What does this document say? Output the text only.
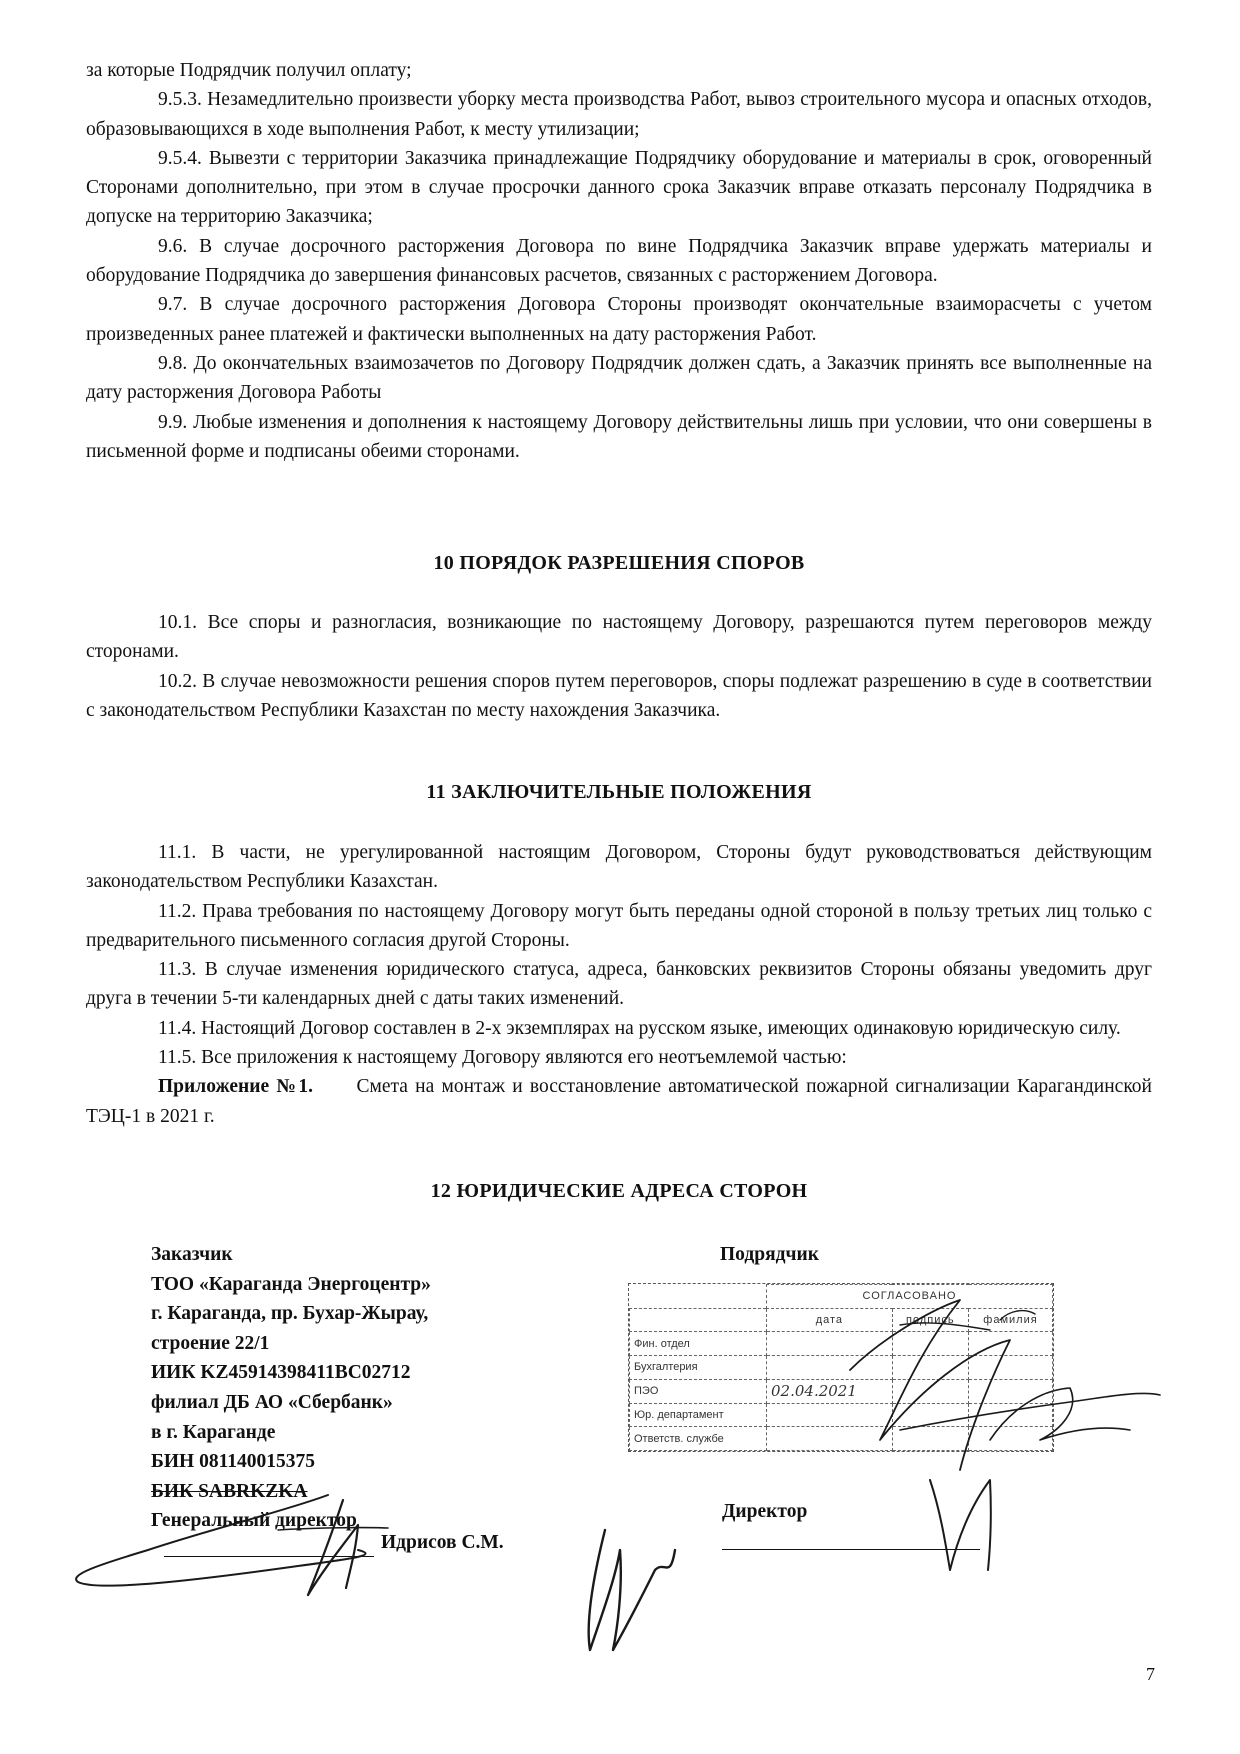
за которые Подрядчик получил оплату;

9.5.3. Незамедлительно произвести уборку места производства Работ, вывоз строительного мусора и опасных отходов, образовывающихся в ходе выполнения Работ, к месту утилизации;

9.5.4. Вывезти с территории Заказчика принадлежащие Подрядчику оборудование и материалы в срок, оговоренный Сторонами дополнительно, при этом в случае просрочки данного срока Заказчик вправе отказать персоналу Подрядчика в допуске на территорию Заказчика;

9.6. В случае досрочного расторжения Договора по вине Подрядчика Заказчик вправе удержать материалы и оборудование Подрядчика до завершения финансовых расчетов, связанных с расторжением Договора.

9.7. В случае досрочного расторжения Договора Стороны производят окончательные взаиморасчеты с учетом произведенных ранее платежей и фактически выполненных на дату расторжения Работ.

9.8. До окончательных взаимозачетов по Договору Подрядчик должен сдать, а Заказчик принять все выполненные на дату расторжения Договора Работы

9.9. Любые изменения и дополнения к настоящему Договору действительны лишь при условии, что они совершены в письменной форме и подписаны обеими сторонами.

10 ПОРЯДОК РАЗРЕШЕНИЯ СПОРОВ

10.1. Все споры и разногласия, возникающие по настоящему Договору, разрешаются путем переговоров между сторонами.

10.2. В случае невозможности решения споров путем переговоров, споры подлежат разрешению в суде в соответствии с законодательством Республики Казахстан по месту нахождения Заказчика.

11 ЗАКЛЮЧИТЕЛЬНЫЕ ПОЛОЖЕНИЯ

11.1. В части, не урегулированной настоящим Договором, Стороны будут руководствоваться действующим законодательством Республики Казахстан.

11.2. Права требования по настоящему Договору могут быть переданы одной стороной в пользу третьих лиц только с предварительного письменного согласия другой Стороны.

11.3. В случае изменения юридического статуса, адреса, банковских реквизитов Стороны обязаны уведомить друг друга в течении 5-ти календарных дней с даты таких изменений.

11.4. Настоящий Договор составлен в 2-х экземплярах на русском языке, имеющих одинаковую юридическую силу.

11.5. Все приложения к настоящему Договору являются его неотъемлемой частью:

Приложение №1. Смета на монтаж и восстановление автоматической пожарной сигнализации Карагандинской ТЭЦ-1 в 2021 г.

12 ЮРИДИЧЕСКИЕ АДРЕСА СТОРОН
Заказчик
ТОО «Караганда Энергоцентр»
г. Караганда, пр. Бухар-Жырау,
строение 22/1
ИИК KZ45914398411BC02712
филиал ДБ АО «Сбербанк»
в г. Караганде
БИН 081140015375
БИК SABRKZKA
Генеральный директор
Идрисов С.М.
Подрядчик
	СОГЛАСОВАНО		
	дата	подпись	фамилия
Фин. отдел			
Бухгалтерия			
ПЭО	02.04.2021		
Юр. департамент			
Ответств. службе			
Директор
7
